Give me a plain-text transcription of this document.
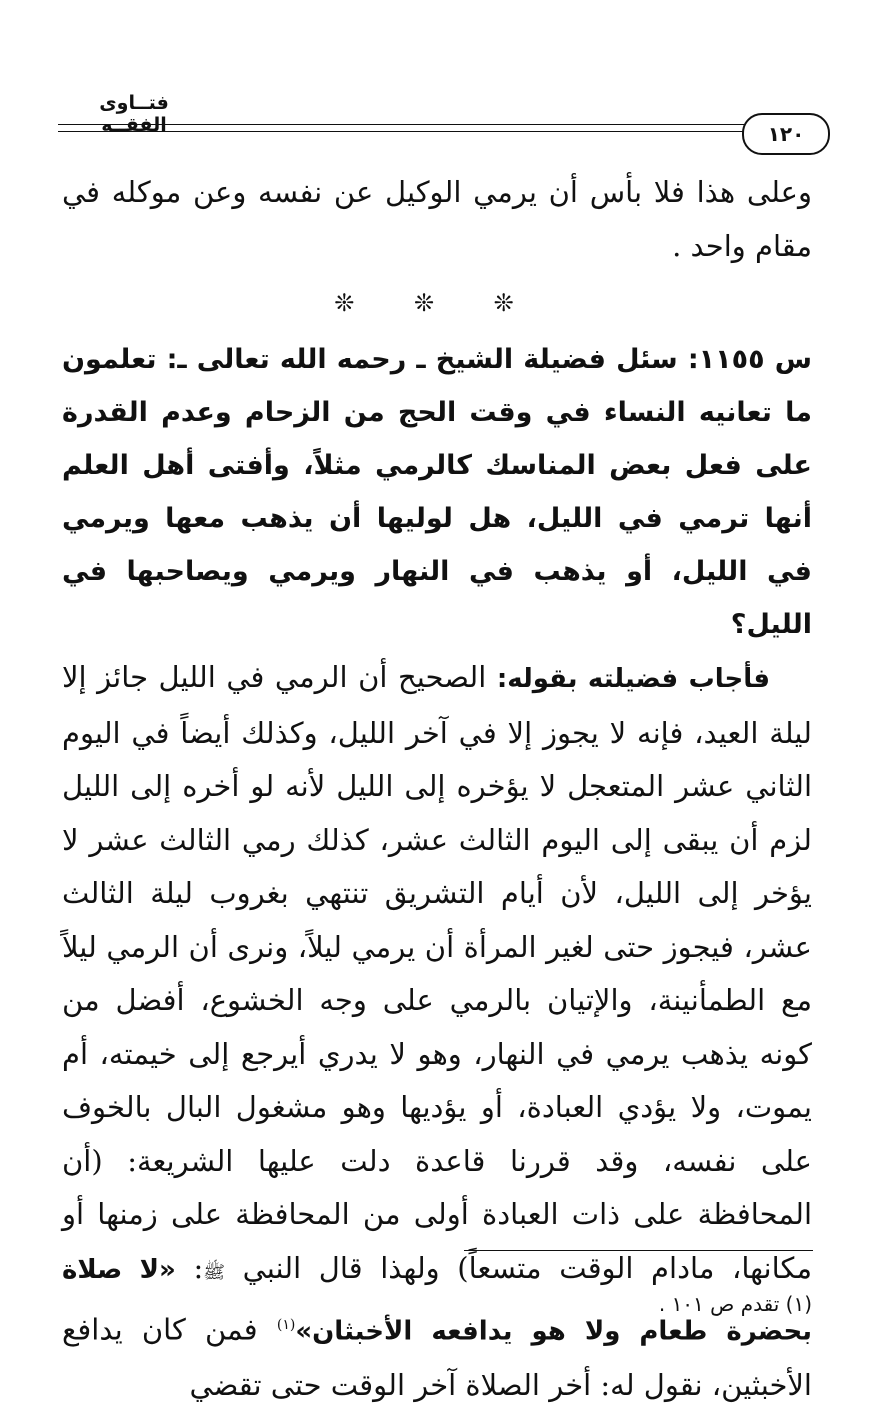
فتــاوى الفقــه	١٢٠

وعلى هذا فلا بأس أن يرمي الوكيل عن نفسه وعن موكله في مقام واحد .

❊ ❊ ❊

س ١١٥٥: سئل فضيلة الشيخ ـ رحمه الله تعالى ـ: تعلمون ما تعانيه النساء في وقت الحج من الزحام وعدم القدرة على فعل بعض المناسك كالرمي مثلاً، وأفتى أهل العلم أنها ترمي في الليل، هل لوليها أن يذهب معها ويرمي في الليل، أو يذهب في النهار ويرمي ويصاحبها في الليل؟

فأجاب فضيلته بقوله: الصحيح أن الرمي في الليل جائز إلا ليلة العيد، فإنه لا يجوز إلا في آخر الليل، وكذلك أيضاً في اليوم الثاني عشر المتعجل لا يؤخره إلى الليل لأنه لو أخره إلى الليل لزم أن يبقى إلى اليوم الثالث عشر، كذلك رمي الثالث عشر لا يؤخر إلى الليل، لأن أيام التشريق تنتهي بغروب ليلة الثالث عشر، فيجوز حتى لغير المرأة أن يرمي ليلاً، ونرى أن الرمي ليلاً مع الطمأنينة، والإتيان بالرمي على وجه الخشوع، أفضل من كونه يذهب يرمي في النهار، وهو لا يدري أيرجع إلى خيمته، أم يموت، ولا يؤدي العبادة، أو يؤديها وهو مشغول البال بالخوف على نفسه، وقد قررنا قاعدة دلت عليها الشريعة: (أن المحافظة على ذات العبادة أولى من المحافظة على زمنها أو مكانها، مادام الوقت متسعاً) ولهذا قال النبي ﷺ: «لا صلاة بحضرة طعام ولا هو يدافعه الأخبثان»$^{(١)}$ فمن كان يدافع الأخبثين، نقول له: أخر الصلاة آخر الوقت حتى تقضي

(١) تقدم ص ١٠١ .
